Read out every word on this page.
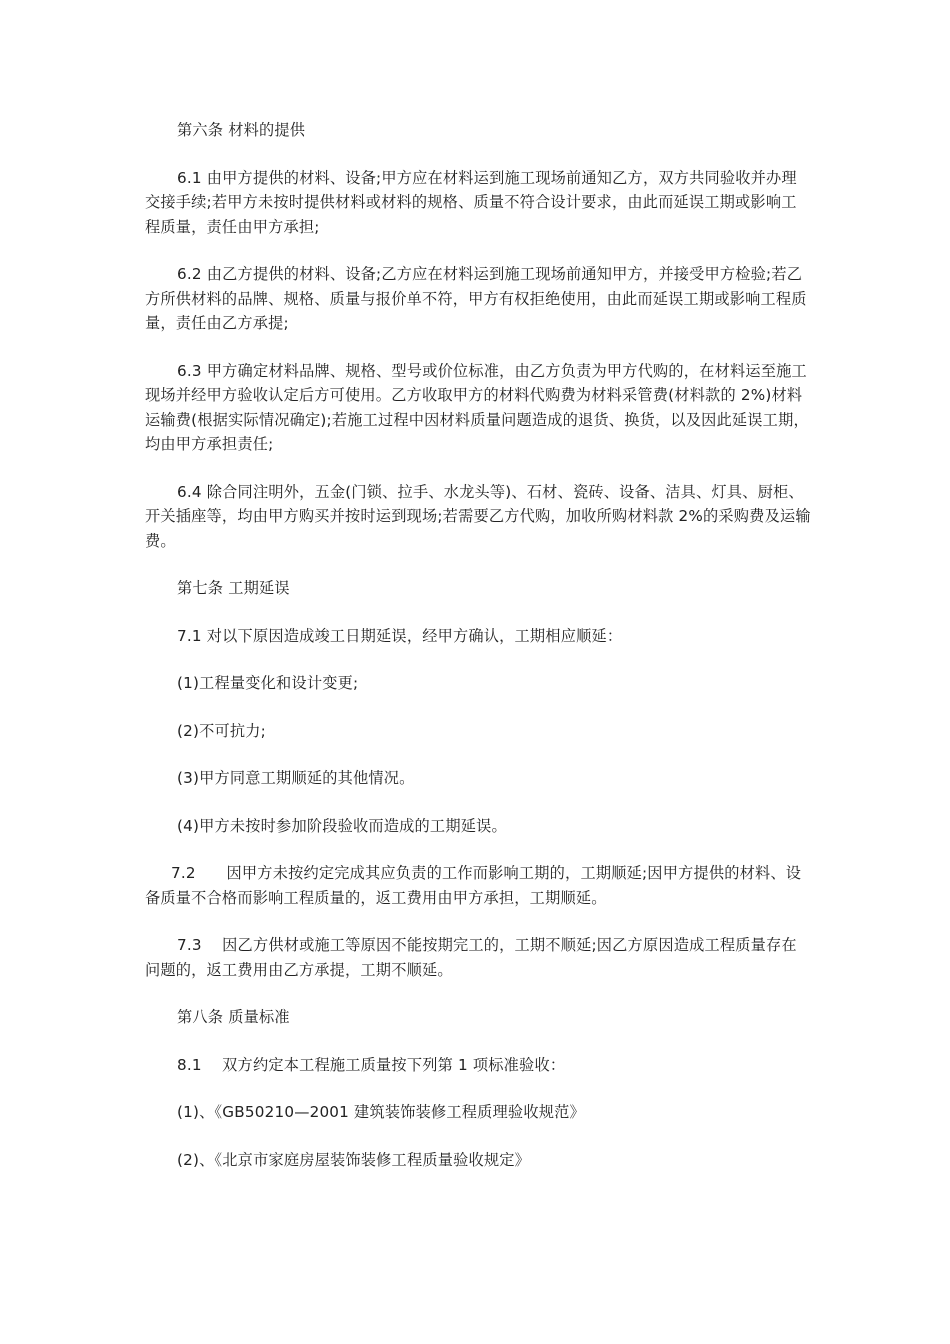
第六条 材料的提供

6.1 由甲方提供的材料、设备;甲方应在材料运到施工现场前通知乙方，双方共同验收并办理交接手续;若甲方未按时提供材料或材料的规格、质量不符合设计要求，由此而延误工期或影响工程质量，责任由甲方承担;

6.2 由乙方提供的材料、设备;乙方应在材料运到施工现场前通知甲方，并接受甲方检验;若乙方所供材料的品牌、规格、质量与报价单不符，甲方有权拒绝使用，由此而延误工期或影响工程质量，责任由乙方承提;

6.3 甲方确定材料品牌、规格、型号或价位标准，由乙方负责为甲方代购的，在材料运至施工现场并经甲方验收认定后方可使用。乙方收取甲方的材料代购费为材料采管费(材料款的 2%)材料运输费(根据实际情况确定);若施工过程中因材料质量问题造成的退货、换货，以及因此延误工期，均由甲方承担责任;

6.4 除合同注明外，五金(门锁、拉手、水龙头等)、石材、瓷砖、设备、洁具、灯具、厨柜、开关插座等，均由甲方购买并按时运到现场;若需要乙方代购，加收所购材料款 2%的采购费及运输费。

第七条 工期延误

7.1 对以下原因造成竣工日期延误，经甲方确认，工期相应顺延：

(1)工程量变化和设计变更;

(2)不可抗力;

(3)甲方同意工期顺延的其他情况。

(4)甲方未按时参加阶段验收而造成的工期延误。

7.2　　因甲方未按约定完成其应负责的工作而影响工期的，工期顺延;因甲方提供的材料、设备质量不合格而影响工程质量的，返工费用由甲方承担，工期顺延。

7.3　 因乙方供材或施工等原因不能按期完工的，工期不顺延;因乙方原因造成工程质量存在问题的，返工费用由乙方承提，工期不顺延。

第八条 质量标准

8.1　 双方约定本工程施工质量按下列第 1 项标准验收：

(1)、《GB50210—2001 建筑装饰装修工程质理验收规范》

(2)、《北京市家庭房屋装饰装修工程质量验收规定》
